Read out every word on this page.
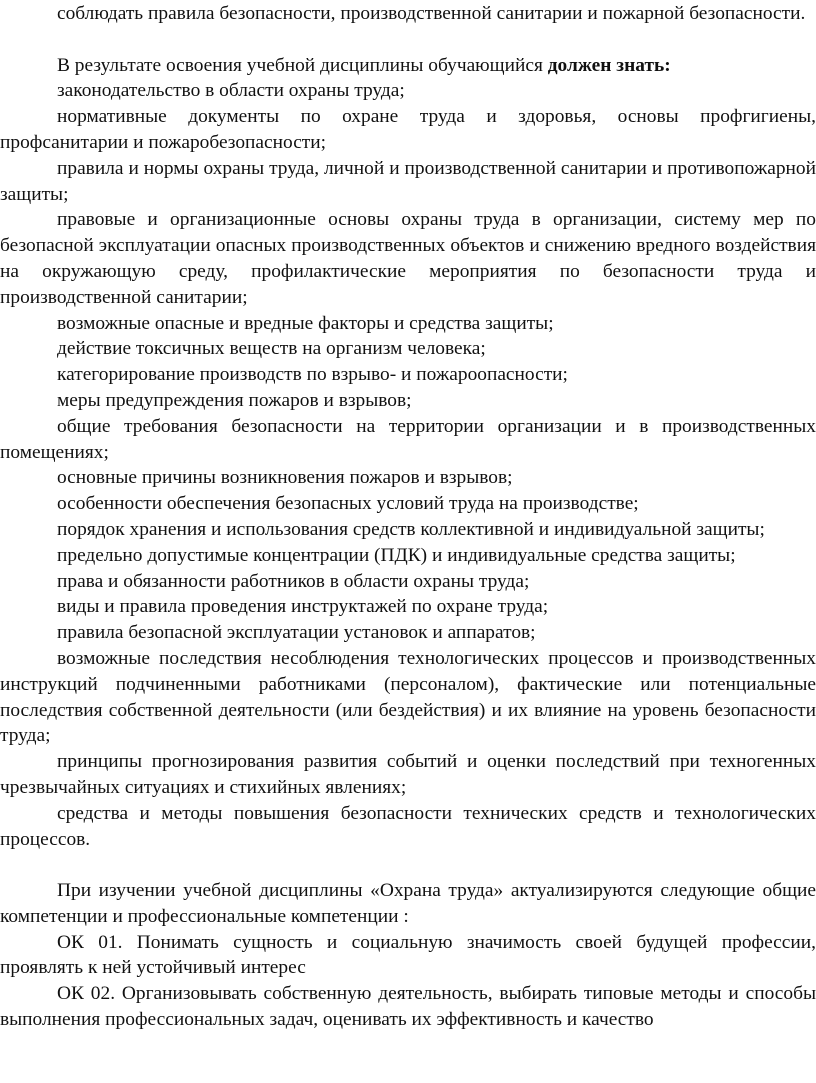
соблюдать правила безопасности, производственной санитарии и пожарной безопасности.

В результате освоения учебной дисциплины обучающийся должен знать:

законодательство в области охраны труда;

нормативные документы по охране труда и здоровья, основы профгигиены, профсанитарии и пожаробезопасности;

правила и нормы охраны труда, личной и производственной санитарии и противопожарной защиты;

правовые и организационные основы охраны труда в организации, систему мер по безопасной эксплуатации опасных производственных объектов и снижению вредного воздействия на окружающую среду, профилактические мероприятия по безопасности труда и производственной санитарии;

возможные опасные и вредные факторы и средства защиты;

действие токсичных веществ на организм человека;

категорирование производств по взрыво- и пожароопасности;

меры предупреждения пожаров и взрывов;

общие требования безопасности на территории организации и в производственных помещениях;

основные причины возникновения пожаров и взрывов;

особенности обеспечения безопасных условий труда на производстве;

порядок хранения и использования средств коллективной и индивидуальной защиты;

предельно допустимые концентрации (ПДК) и индивидуальные средства защиты;

права и обязанности работников в области охраны труда;

виды и правила проведения инструктажей по охране труда;

правила безопасной эксплуатации установок и аппаратов;

возможные последствия несоблюдения технологических процессов и производственных инструкций подчиненными работниками (персоналом), фактические или потенциальные последствия собственной деятельности (или бездействия) и их влияние на уровень безопасности труда;

принципы прогнозирования развития событий и оценки последствий при техногенных чрезвычайных ситуациях и стихийных явлениях;

средства и методы повышения безопасности технических средств и технологических процессов.

При изучении учебной дисциплины «Охрана труда» актуализируются следующие общие компетенции и профессиональные компетенции :

ОК 01. Понимать сущность и социальную значимость своей будущей профессии, проявлять к ней устойчивый интерес

ОК 02. Организовывать собственную деятельность, выбирать типовые методы и способы выполнения профессиональных задач, оценивать их эффективность и качество
